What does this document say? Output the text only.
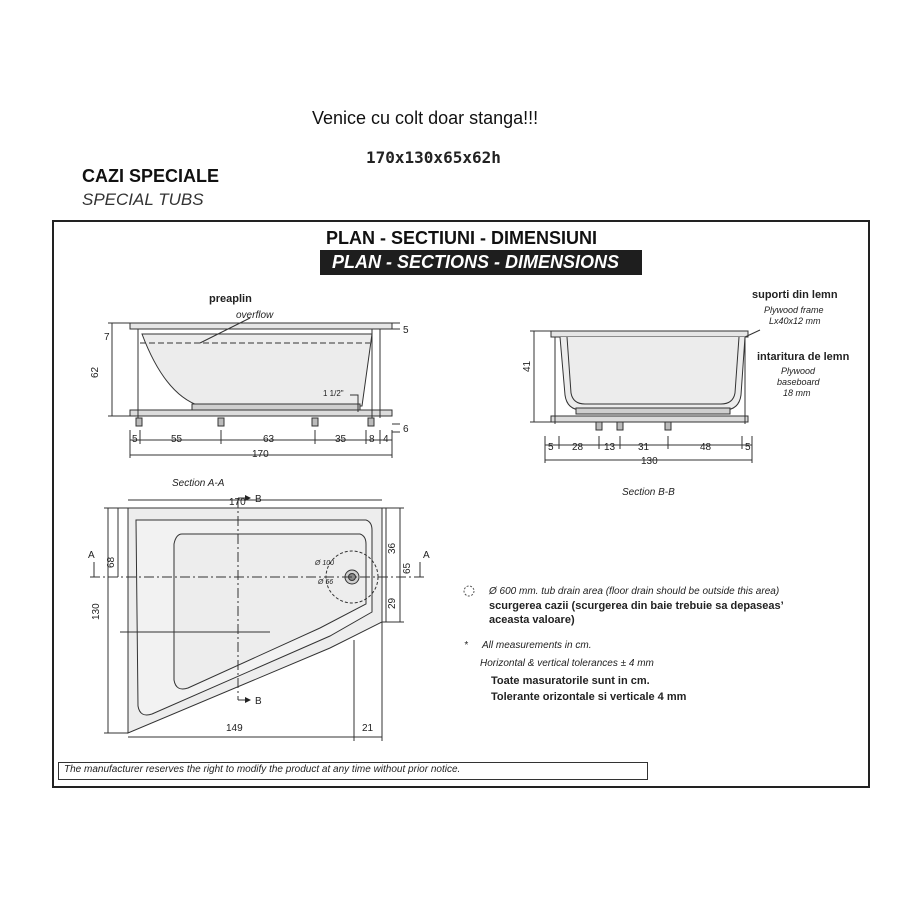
Venice cu colt doar stanga!!!
170x130x65x62h
CAZI SPECIALE
SPECIAL TUBS
PLAN - SECTIUNI - DIMENSIUNI
PLAN - SECTIONS - DIMENSIONS
preaplin
overflow
5
7
62
6
1 1/2"
5	55	63	35 8 4
170
Section A-A
suporti din lemn
Plywood frame
Lx40x12 mm
intaritura de lemn
Plywood
baseboard
18 mm
41
5 28 13 31	48	5
130
Section B-B
170
149	21
68
130
36
65
29
Ø 100
Ø 56
A	A
B
B
Ø 600 mm. tub drain area (floor drain should be outside this area)
scurgerea cazii (scurgerea din baie trebuie sa depaseas’
aceasta valoare)
* All measurements in cm.
Horizontal & vertical tolerances ± 4 mm
Toate masuratorile sunt in cm.
Tolerante orizontale si verticale 4 mm
The manufacturer reserves the right to modify the product at any time without prior notice.
